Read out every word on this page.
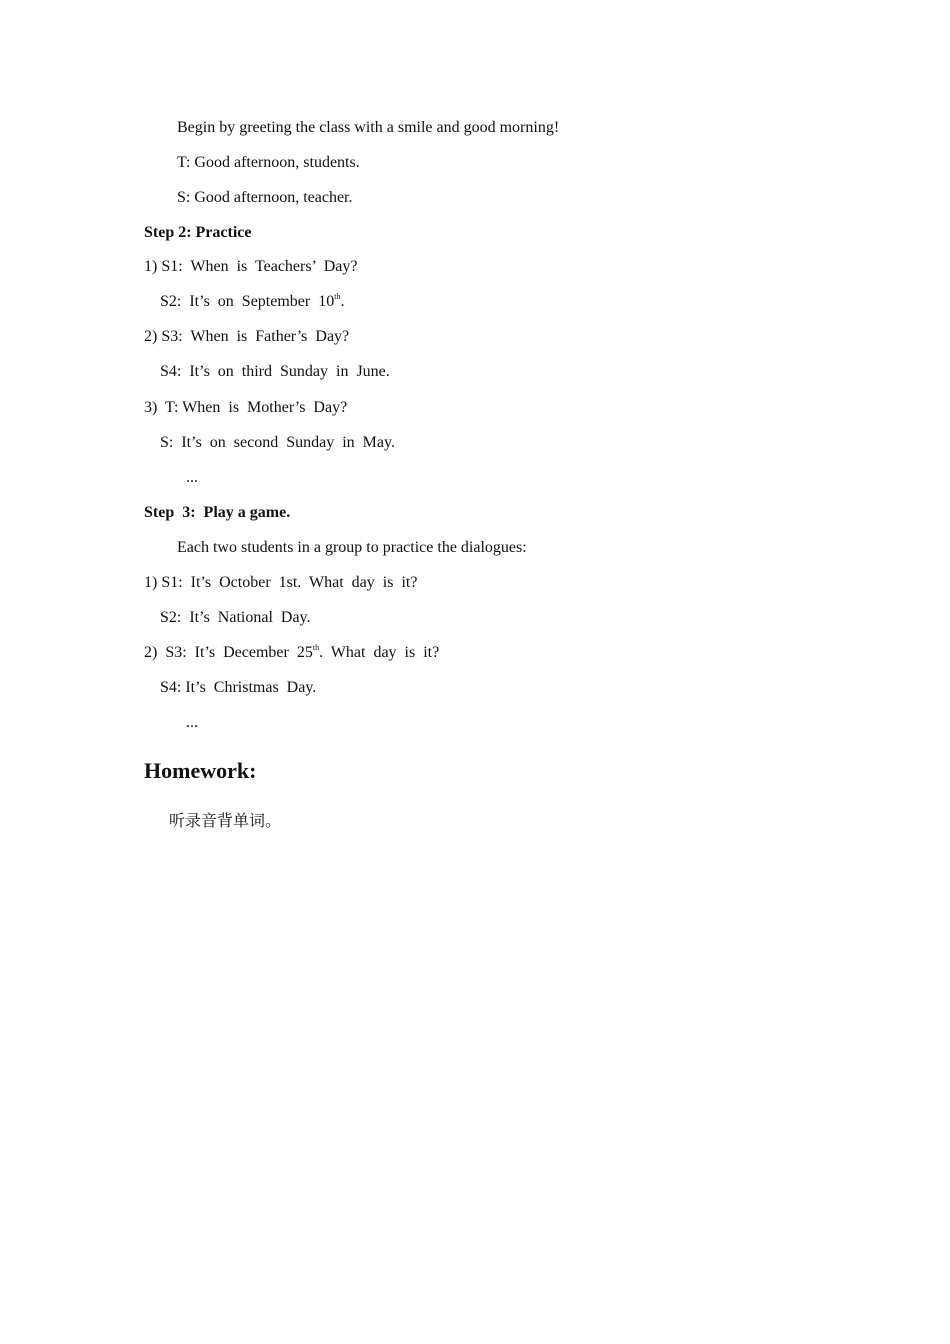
Begin by greeting the class with a smile and good morning!
T: Good afternoon, students.
S: Good afternoon, teacher.
Step 2: Practice
1) S1:  When  is  Teachers’  Day?
S2:  It’s  on  September  10th.
2) S3:  When  is  Father’s  Day?
S4:  It’s  on  third  Sunday  in  June.
3)  T: When  is  Mother’s  Day?
S:  It’s  on  second  Sunday  in  May.
...
Step  3:  Play a game.
Each two students in a group to practice the dialogues:
1) S1:  It’s  October  1st.  What  day  is  it?
S2:  It’s  National  Day.
2)  S3:  It’s  December  25th.  What  day  is  it?
S4: It’s  Christmas  Day.
...
Homework:
听录音背单词。
